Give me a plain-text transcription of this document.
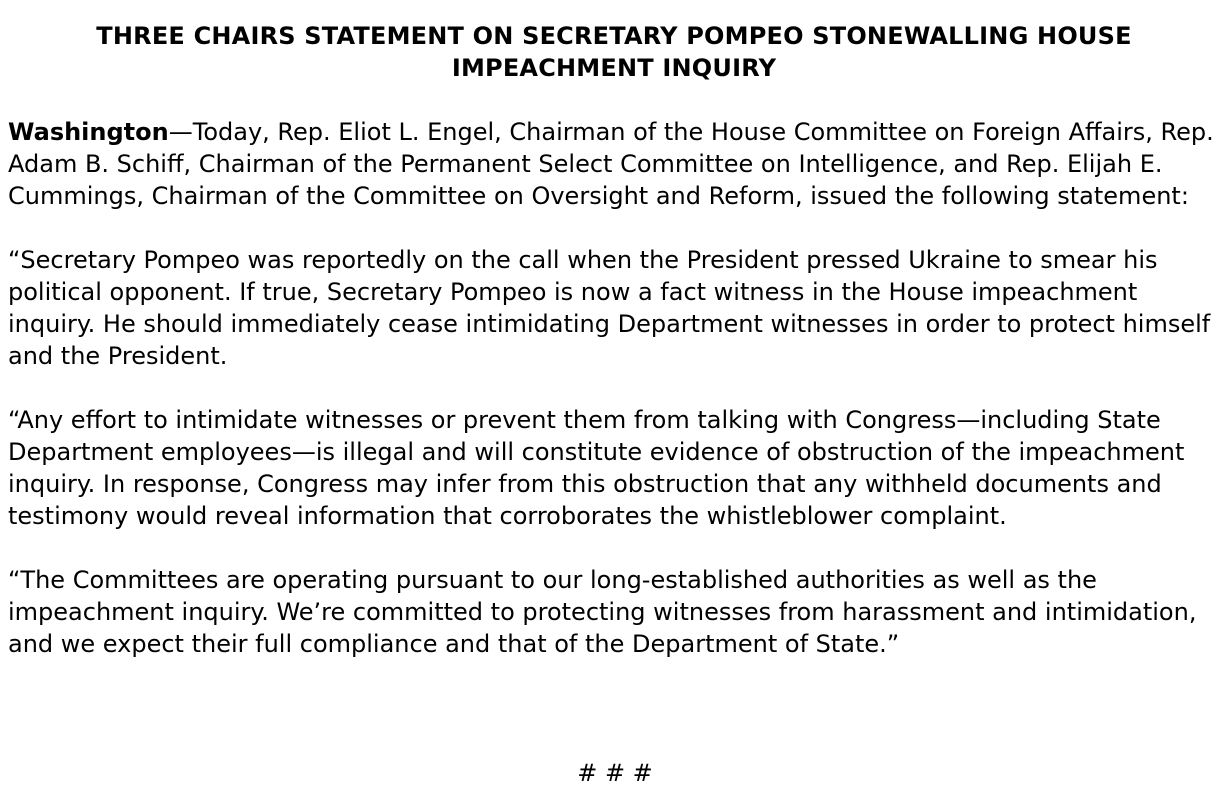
THREE CHAIRS STATEMENT ON SECRETARY POMPEO STONEWALLING HOUSE IMPEACHMENT INQUIRY

Washington—Today, Rep. Eliot L. Engel, Chairman of the House Committee on Foreign Affairs, Rep. Adam B. Schiff, Chairman of the Permanent Select Committee on Intelligence, and Rep. Elijah E. Cummings, Chairman of the Committee on Oversight and Reform, issued the following statement:

“Secretary Pompeo was reportedly on the call when the President pressed Ukraine to smear his political opponent. If true, Secretary Pompeo is now a fact witness in the House impeachment inquiry. He should immediately cease intimidating Department witnesses in order to protect himself and the President.

“Any effort to intimidate witnesses or prevent them from talking with Congress—including State Department employees—is illegal and will constitute evidence of obstruction of the impeachment inquiry. In response, Congress may infer from this obstruction that any withheld documents and testimony would reveal information that corroborates the whistleblower complaint.

“The Committees are operating pursuant to our long-established authorities as well as the impeachment inquiry. We’re committed to protecting witnesses from harassment and intimidation, and we expect their full compliance and that of the Department of State.”

# # #
